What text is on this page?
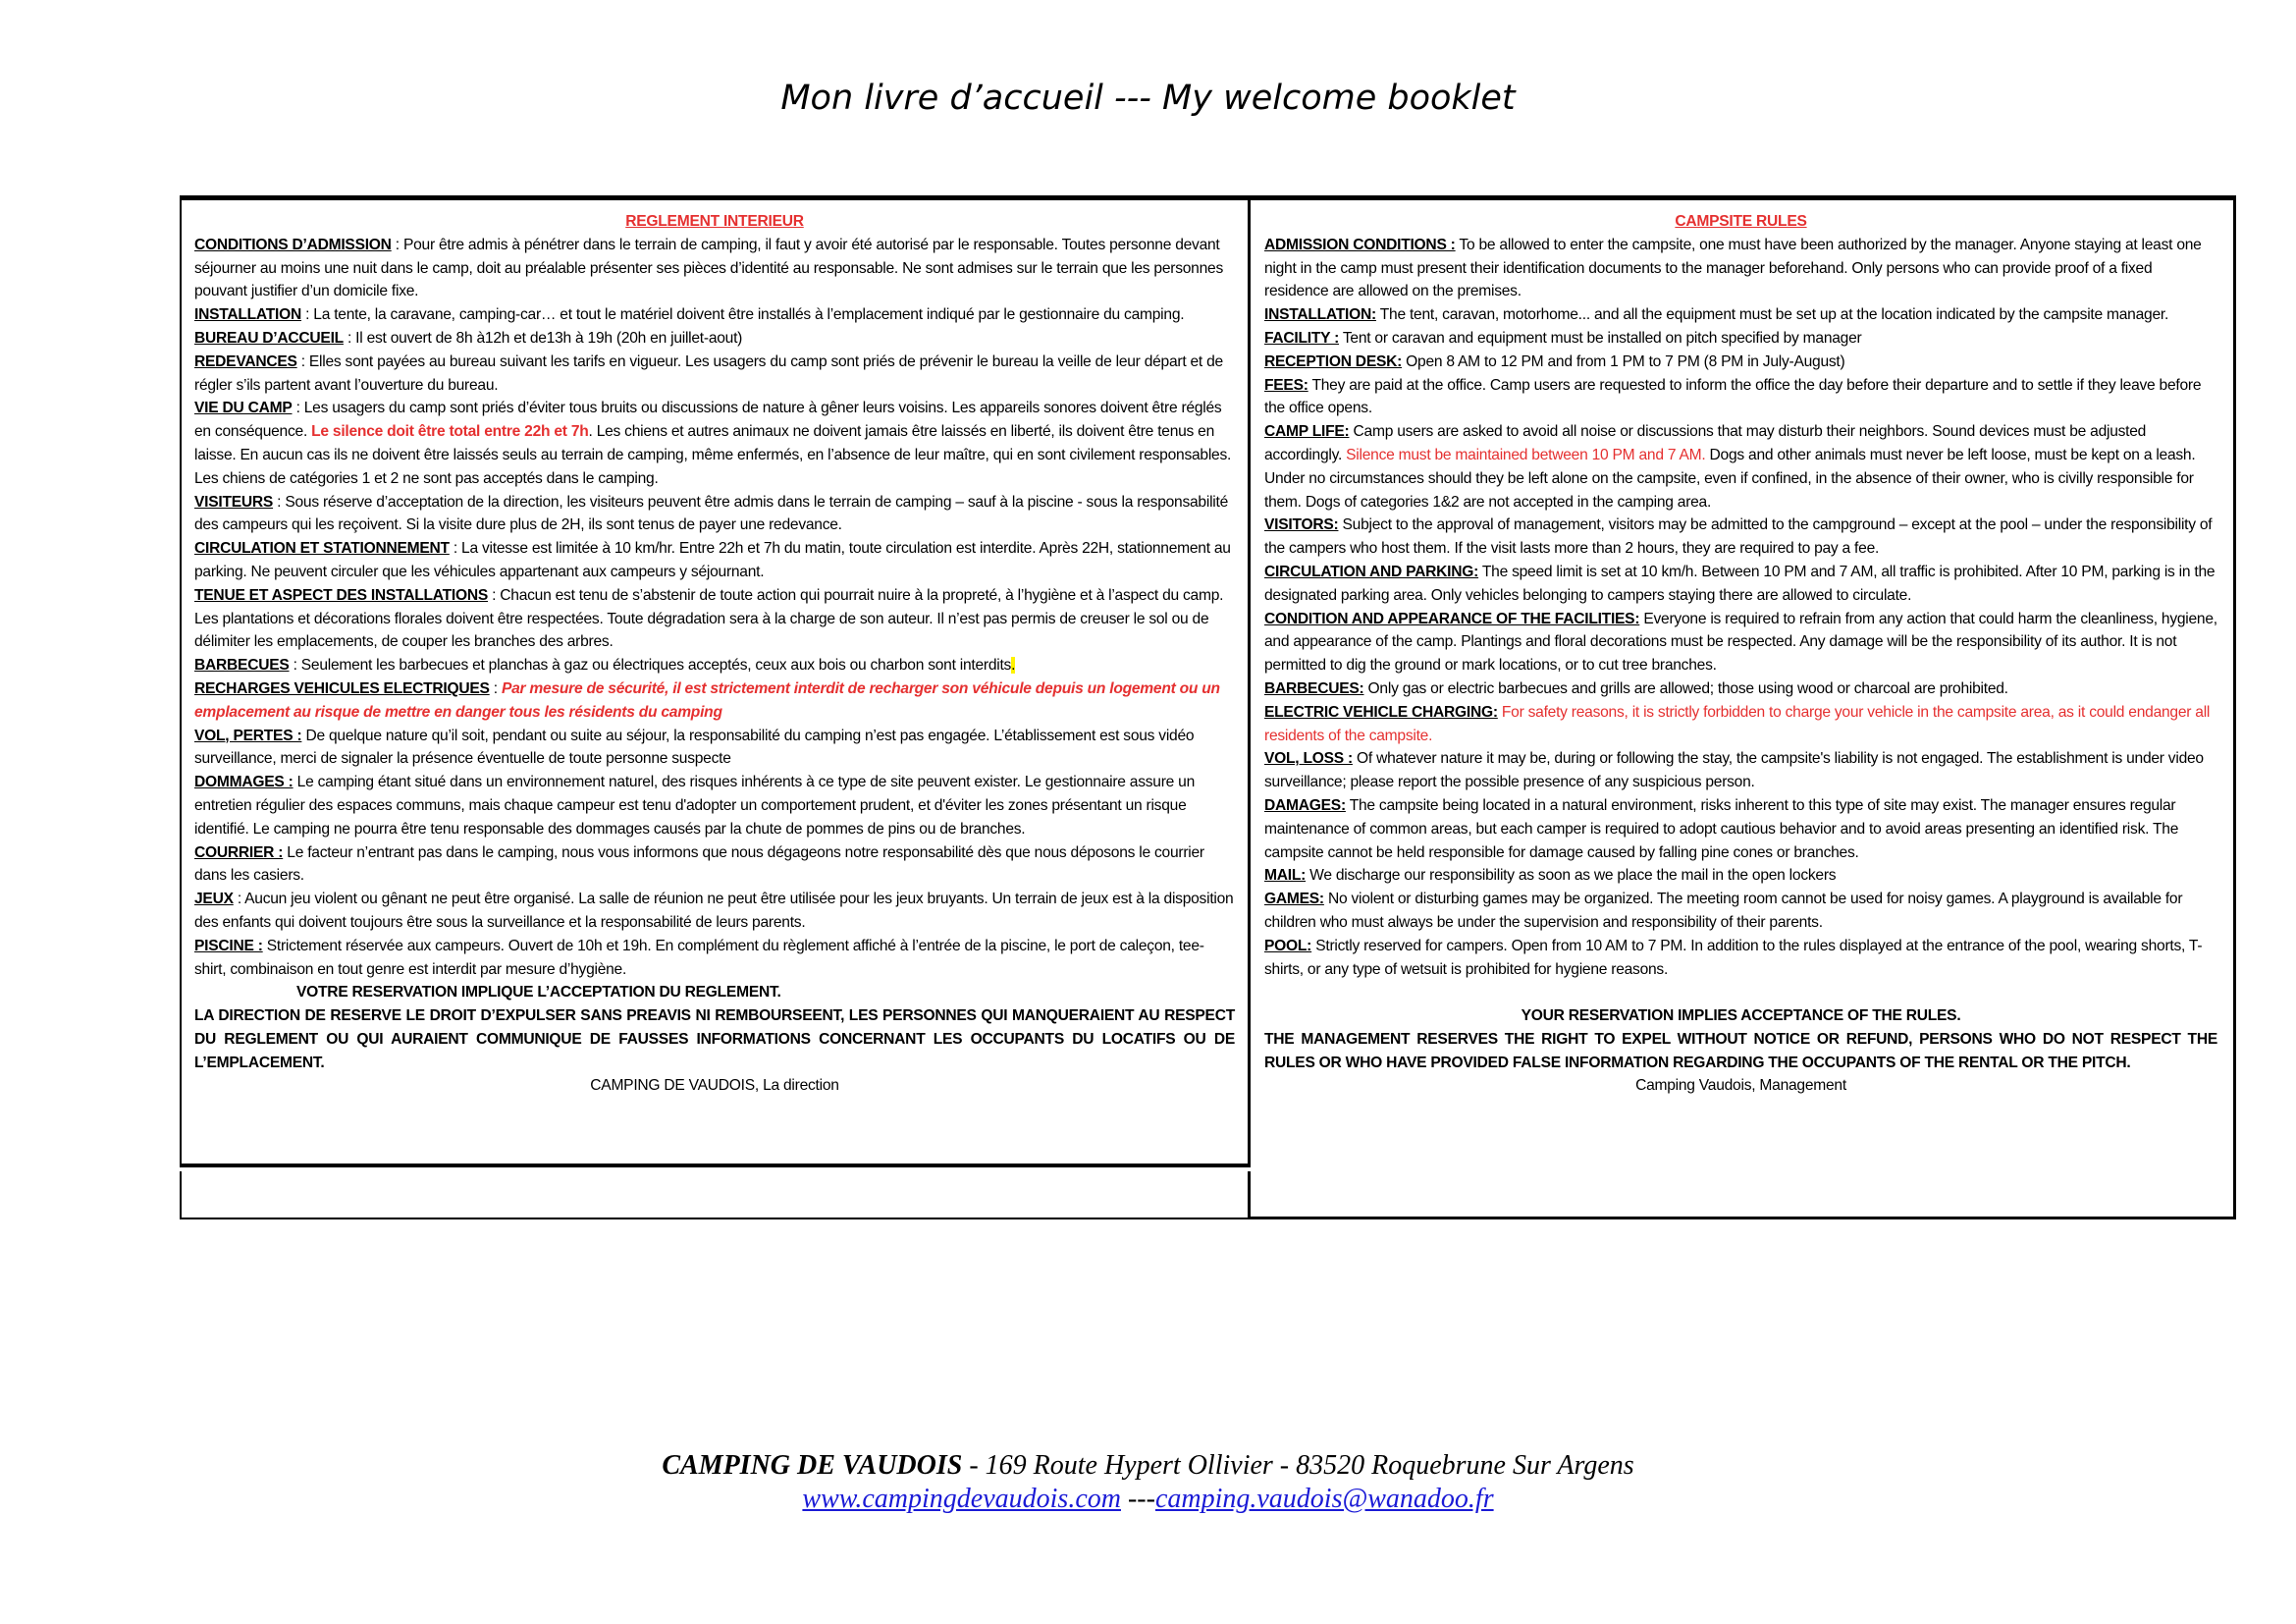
Mon livre d’accueil --- My welcome booklet
REGLEMENT INTERIEUR

CONDITIONS D’ADMISSION : Pour être admis à pénétrer dans le terrain de camping, il faut y avoir été autorisé par le responsable. Toutes personne devant séjourner au moins une nuit dans le camp, doit au préalable présenter ses pièces d’identité au responsable. Ne sont admises sur le terrain que les personnes pouvant justifier d’un domicile fixe.

INSTALLATION : La tente, la caravane, camping-car… et tout le matériel doivent être installés à l’emplacement indiqué par le gestionnaire du camping.

BUREAU D’ACCUEIL : Il est ouvert de 8h à12h et de13h à 19h (20h en juillet-aout)

REDEVANCES : Elles sont payées au bureau suivant les tarifs en vigueur. Les usagers du camp sont priés de prévenir le bureau la veille de leur départ et de régler s’ils partent avant l’ouverture du bureau.

VIE DU CAMP : Les usagers du camp sont priés d’éviter tous bruits ou discussions de nature à gêner leurs voisins. Les appareils sonores doivent être réglés en conséquence. Le silence doit être total entre 22h et 7h. Les chiens et autres animaux ne doivent jamais être laissés en liberté, ils doivent être tenus en laisse. En aucun cas ils ne doivent être laissés seuls au terrain de camping, même enfermés, en l’absence de leur maître, qui en sont civilement responsables. Les chiens de catégories 1 et 2 ne sont pas acceptés dans le camping.

VISITEURS : Sous réserve d’acceptation de la direction, les visiteurs peuvent être admis dans le terrain de camping – sauf à la piscine - sous la responsabilité des campeurs qui les reçoivent. Si la visite dure plus de 2H, ils sont tenus de payer une redevance.

CIRCULATION ET STATIONNEMENT : La vitesse est limitée à 10 km/hr. Entre 22h et 7h du matin, toute circulation est interdite. Après 22H, stationnement au parking. Ne peuvent circuler que les véhicules appartenant aux campeurs y séjournant.

TENUE ET ASPECT DES INSTALLATIONS : Chacun est tenu de s’abstenir de toute action qui pourrait nuire à la propreté, à l’hygiène et à l’aspect du camp. Les plantations et décorations florales doivent être respectées. Toute dégradation sera à la charge de son auteur. Il n’est pas permis de creuser le sol ou de délimiter les emplacements, de couper les branches des arbres.

BARBECUES : Seulement les barbecues et planchas à gaz ou électriques acceptés, ceux aux bois ou charbon sont interdits.

RECHARGES VEHICULES ELECTRIQUES : Par mesure de sécurité, il est strictement interdit de recharger son véhicule depuis un logement ou un emplacement au risque de mettre en danger tous les résidents du camping

VOL, PERTES : De quelque nature qu’il soit, pendant ou suite au séjour, la responsabilité du camping n’est pas engagée. L’établissement est sous vidéo surveillance, merci de signaler la présence éventuelle de toute personne suspecte

DOMMAGES : Le camping étant situé dans un environnement naturel, des risques inhérents à ce type de site peuvent exister. Le gestionnaire assure un entretien régulier des espaces communs, mais chaque campeur est tenu d'adopter un comportement prudent, et d'éviter les zones présentant un risque identifié. Le camping ne pourra être tenu responsable des dommages causés par la chute de pommes de pins ou de branches.

COURRIER : Le facteur n’entrant pas dans le camping, nous vous informons que nous dégageons notre responsabilité dès que nous déposons le courrier dans les casiers.

JEUX : Aucun jeu violent ou gênant ne peut être organisé. La salle de réunion ne peut être utilisée pour les jeux bruyants. Un terrain de jeux est à la disposition des enfants qui doivent toujours être sous la surveillance et la responsabilité de leurs parents.

PISCINE : Strictement réservée aux campeurs. Ouvert de 10h et 19h. En complément du règlement affiché à l’entrée de la piscine, le port de caleçon, tee-shirt, combinaison en tout genre est interdit par mesure d’hygiène.

VOTRE RESERVATION IMPLIQUE L’ACCEPTATION DU REGLEMENT.

LA DIRECTION DE RESERVE LE DROIT D’EXPULSER SANS PREAVIS NI REMBOURSEENT, LES PERSONNES QUI MANQUERAIENT AU RESPECT DU REGLEMENT OU QUI AURAIENT COMMUNIQUE DE FAUSSES INFORMATIONS CONCERNANT LES OCCUPANTS DU LOCATIFS OU DE L’EMPLACEMENT.

CAMPING DE VAUDOIS, La direction

CAMPSITE RULES

ADMISSION CONDITIONS : To be allowed to enter the campsite, one must have been authorized by the manager. Anyone staying at least one night in the camp must present their identification documents to the manager beforehand. Only persons who can provide proof of a fixed residence are allowed on the premises.

INSTALLATION: The tent, caravan, motorhome... and all the equipment must be set up at the location indicated by the campsite manager.

FACILITY : Tent or caravan and equipment must be installed on pitch specified by manager

RECEPTION DESK: Open 8 AM to 12 PM and from 1 PM to 7 PM (8 PM in July-August)

FEES: They are paid at the office. Camp users are requested to inform the office the day before their departure and to settle if they leave before the office opens.

CAMP LIFE: Camp users are asked to avoid all noise or discussions that may disturb their neighbors. Sound devices must be adjusted accordingly. Silence must be maintained between 10 PM and 7 AM. Dogs and other animals must never be left loose, must be kept on a leash. Under no circumstances should they be left alone on the campsite, even if confined, in the absence of their owner, who is civilly responsible for them. Dogs of categories 1&2 are not accepted in the camping area.

VISITORS: Subject to the approval of management, visitors may be admitted to the campground – except at the pool – under the responsibility of the campers who host them. If the visit lasts more than 2 hours, they are required to pay a fee.

CIRCULATION AND PARKING: The speed limit is set at 10 km/h. Between 10 PM and 7 AM, all traffic is prohibited. After 10 PM, parking is in the designated parking area. Only vehicles belonging to campers staying there are allowed to circulate.

CONDITION AND APPEARANCE OF THE FACILITIES: Everyone is required to refrain from any action that could harm the cleanliness, hygiene, and appearance of the camp. Plantings and floral decorations must be respected. Any damage will be the responsibility of its author. It is not permitted to dig the ground or mark locations, or to cut tree branches.

BARBECUES: Only gas or electric barbecues and grills are allowed; those using wood or charcoal are prohibited.

ELECTRIC VEHICLE CHARGING: For safety reasons, it is strictly forbidden to charge your vehicle in the campsite area, as it could endanger all residents of the campsite.

VOL, LOSS : Of whatever nature it may be, during or following the stay, the campsite's liability is not engaged. The establishment is under video surveillance; please report the possible presence of any suspicious person.

DAMAGES: The campsite being located in a natural environment, risks inherent to this type of site may exist. The manager ensures regular maintenance of common areas, but each camper is required to adopt cautious behavior and to avoid areas presenting an identified risk. The campsite cannot be held responsible for damage caused by falling pine cones or branches.

MAIL: We discharge our responsibility as soon as we place the mail in the open lockers

GAMES: No violent or disturbing games may be organized. The meeting room cannot be used for noisy games. A playground is available for children who must always be under the supervision and responsibility of their parents.

POOL: Strictly reserved for campers. Open from 10 AM to 7 PM. In addition to the rules displayed at the entrance of the pool, wearing shorts, T-shirts, or any type of wetsuit is prohibited for hygiene reasons.

YOUR RESERVATION IMPLIES ACCEPTANCE OF THE RULES.

THE MANAGEMENT RESERVES THE RIGHT TO EXPEL WITHOUT NOTICE OR REFUND, PERSONS WHO DO NOT RESPECT THE RULES OR WHO HAVE PROVIDED FALSE INFORMATION REGARDING THE OCCUPANTS OF THE RENTAL OR THE PITCH.

Camping Vaudois, Management

CAMPING DE VAUDOIS - 169 Route Hypert Ollivier - 83520 Roquebrune Sur Argens
www.campingdevaudois.com ---camping.vaudois@wanadoo.fr
